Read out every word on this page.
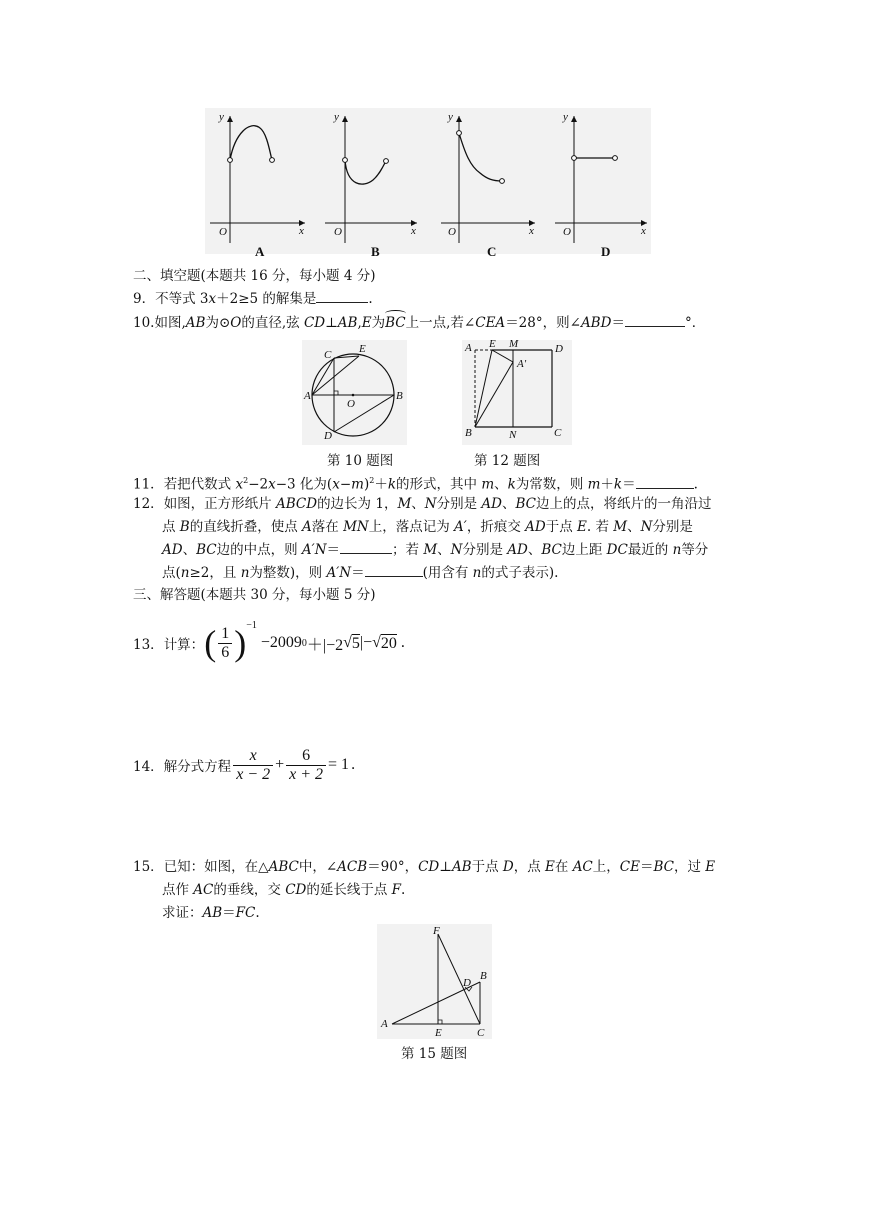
y
x
O
y
x
O
y
x
O
y
x
O
A	B	C	D
二、填空题(本题共 16 分，每小题 4 分)
9．不等式 3x＋2≥5 的解集是	.
10.如图,AB为⊙O的直径,弦 CD⊥AB,E为
BC上一点,若∠CEA＝28°，则∠ABD＝	°．
C	E
A
O
B
D
A E M	D
A′
B	N	C
第 10 题图	第 12 题图
11．若把代数式 $x^2-2x-3$ 化为$(x-m)^2+k$的形式，其中 m、k为常数，则 m＋k＝	.
12．如图，正方形纸片 ABCD的边长为 1，M、N分别是 AD、BC边上的点，将纸片的一角沿过
点 B的直线折叠，使点 A落在 MN上，落点记为 A′，折痕交 AD于点 E. 若 M、N分别是
AD、BC边的中点，则 A′N＝	；若 M、N分别是 AD、BC边上距 DC最近的 n等分
点(n≥2，且 n为整数)，则 A′N＝	(用含有 n的式子表示).
三、解答题(本题共 30 分，每小题 5 分)
13． 计算： ( $\frac{1}{6}$ ) −1
−2009 0 ＋|−2 √ 5 |− √ 20 .
14． 解分式方程 $\frac{x}{x - 2} + \frac{6}{x + 2} = 1$ .
15．已知：如图，在△ABC中，∠ACB＝90°，CD⊥AB于点 D，点 E在 AC上，CE＝BC，过 E
点作 AC的垂线，交 CD的延长线于点 F.
求证：AB＝FC.
F
B
D
A
E	C
第 15 题图
